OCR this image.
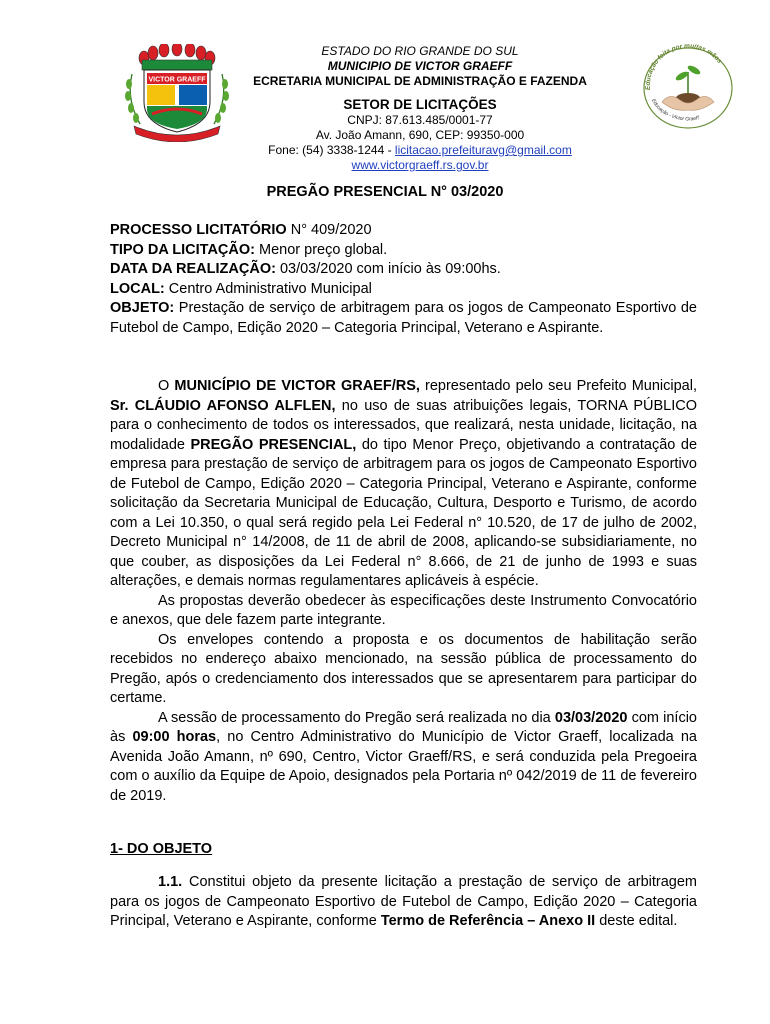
VICTOR GRAEFF
Educação feita por muitas mãos
Educação - Victor Graeff
ESTADO DO RIO GRANDE DO SUL
MUNICIPIO DE VICTOR GRAEFF
ECRETARIA MUNICIPAL DE ADMINISTRAÇÃO E FAZENDA
SETOR DE LICITAÇÕES
CNPJ: 87.613.485/0001-77
Av. João Amann, 690, CEP: 99350-000
Fone: (54) 3338-1244 - licitacao.prefeituravg@gmail.com
www.victorgraeff.rs.gov.br
PREGÃO PRESENCIAL N° 03/2020

PROCESSO LICITATÓRIO N° 409/2020

TIPO DA LICITAÇÃO: Menor preço global.

DATA DA REALIZAÇÃO: 03/03/2020 com início às 09:00hs.

LOCAL: Centro Administrativo Municipal

OBJETO: Prestação de serviço de arbitragem para os jogos de Campeonato Esportivo de Futebol de Campo, Edição 2020 – Categoria Principal, Veterano e Aspirante.

O MUNICÍPIO DE VICTOR GRAEF/RS, representado pelo seu Prefeito Municipal, Sr. CLÁUDIO AFONSO ALFLEN, no uso de suas atribuições legais, TORNA PÚBLICO para o conhecimento de todos os interessados, que realizará, nesta unidade, licitação, na modalidade PREGÃO PRESENCIAL, do tipo Menor Preço, objetivando a contratação de empresa para prestação de serviço de arbitragem para os jogos de Campeonato Esportivo de Futebol de Campo, Edição 2020 – Categoria Principal, Veterano e Aspirante, conforme solicitação da Secretaria Municipal de Educação, Cultura, Desporto e Turismo, de acordo com a Lei 10.350, o qual será regido pela Lei Federal n° 10.520, de 17 de julho de 2002, Decreto Municipal n° 14/2008, de 11 de abril de 2008, aplicando-se subsidiariamente, no que couber, as disposições da Lei Federal n° 8.666, de 21 de junho de 1993 e suas alterações, e demais normas regulamentares aplicáveis à espécie.

As propostas deverão obedecer às especificações deste Instrumento Convocatório e anexos, que dele fazem parte integrante.

Os envelopes contendo a proposta e os documentos de habilitação serão recebidos no endereço abaixo mencionado, na sessão pública de processamento do Pregão, após o credenciamento dos interessados que se apresentarem para participar do certame.

A sessão de processamento do Pregão será realizada no dia 03/03/2020 com início às 09:00 horas, no Centro Administrativo do Município de Victor Graeff, localizada na Avenida João Amann, nº 690, Centro, Victor Graeff/RS, e será conduzida pela Pregoeira com o auxílio da Equipe de Apoio, designados pela Portaria nº 042/2019 de 11 de fevereiro de 2019.

1- DO OBJETO

1.1. Constitui objeto da presente licitação a prestação de serviço de arbitragem para os jogos de Campeonato Esportivo de Futebol de Campo, Edição 2020 – Categoria Principal, Veterano e Aspirante, conforme Termo de Referência – Anexo II deste edital.
